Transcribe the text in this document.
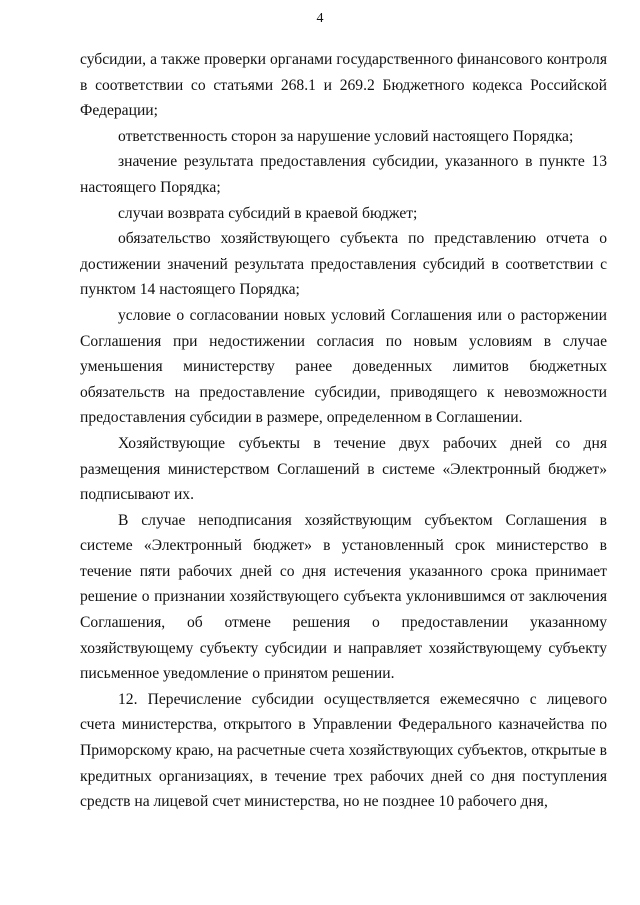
4

субсидии, а также проверки органами государственного финансового контроля в соответствии со статьями 268.1 и 269.2 Бюджетного кодекса Российской Федерации;

ответственность сторон за нарушение условий настоящего Порядка;

значение результата предоставления субсидии, указанного в пункте 13 настоящего Порядка;

случаи возврата субсидий в краевой бюджет;

обязательство хозяйствующего субъекта по представлению отчета о достижении значений результата предоставления субсидий в соответствии с пунктом 14 настоящего Порядка;

условие о согласовании новых условий Соглашения или о расторжении Соглашения при недостижении согласия по новым условиям в случае уменьшения министерству ранее доведенных лимитов бюджетных обязательств на предоставление субсидии, приводящего к невозможности предоставления субсидии в размере, определенном в Соглашении.

Хозяйствующие субъекты в течение двух рабочих дней со дня размещения министерством Соглашений в системе «Электронный бюджет» подписывают их.

В случае неподписания хозяйствующим субъектом Соглашения в системе «Электронный бюджет» в установленный срок министерство в течение пяти рабочих дней со дня истечения указанного срока принимает решение о признании хозяйствующего субъекта уклонившимся от заключения Соглашения, об отмене решения о предоставлении указанному хозяйствующему субъекту субсидии и направляет хозяйствующему субъекту письменное уведомление о принятом решении.

12. Перечисление субсидии осуществляется ежемесячно с лицевого счета министерства, открытого в Управлении Федерального казначейства по Приморскому краю, на расчетные счета хозяйствующих субъектов, открытые в кредитных организациях, в течение трех рабочих дней со дня поступления средств на лицевой счет министерства, но не позднее 10 рабочего дня,
